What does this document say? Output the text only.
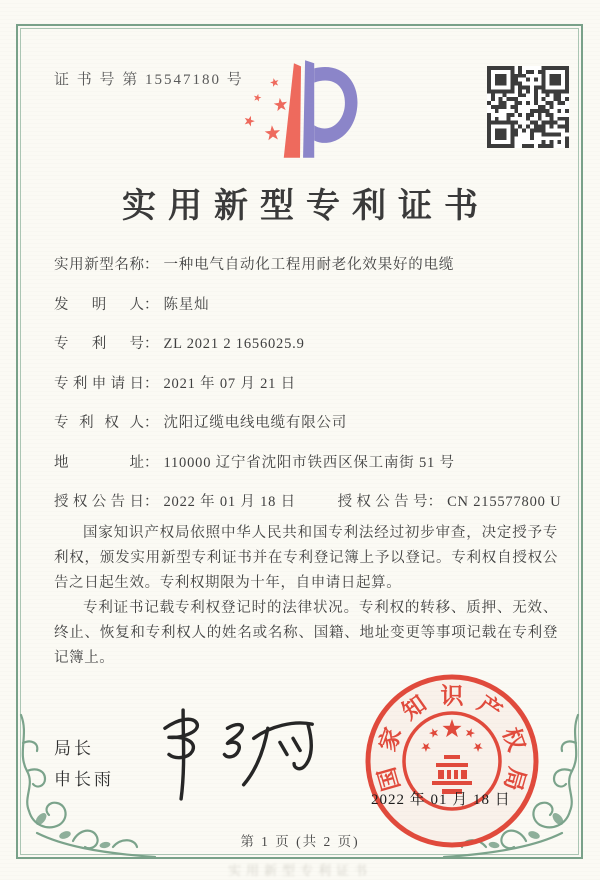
证 书 号 第 15547180 号
实用新型专利证书
实用新型名称： 一种电气自动化工程用耐老化效果好的电缆
发明人： 陈星灿
专利号： ZL 2021 2 1656025.9
专利申请日： 2021 年 07 月 21 日
专利权人： 沈阳辽缆电线电缆有限公司
地址： 110000 辽宁省沈阳市铁西区保工南街 51 号
授权公告日： 2022 年 01 月 18 日	授权公告号： CN 215577800 U

国家知识产权局依照中华人民共和国专利法经过初步审查，决定授予专利权，颁发实用新型专利证书并在专利登记簿上予以登记。专利权自授权公告之日起生效。专利权期限为十年，自申请日起算。

专利证书记载专利权登记时的法律状况。专利权的转移、质押、无效、终止、恢复和专利权人的姓名或名称、国籍、地址变更等事项记载在专利登记簿上。

局长
申长雨	国
家
知 识 产
权
局
2022 年 01 月 18 日
第 1 页 (共 2 页)
实用新型专利证书
